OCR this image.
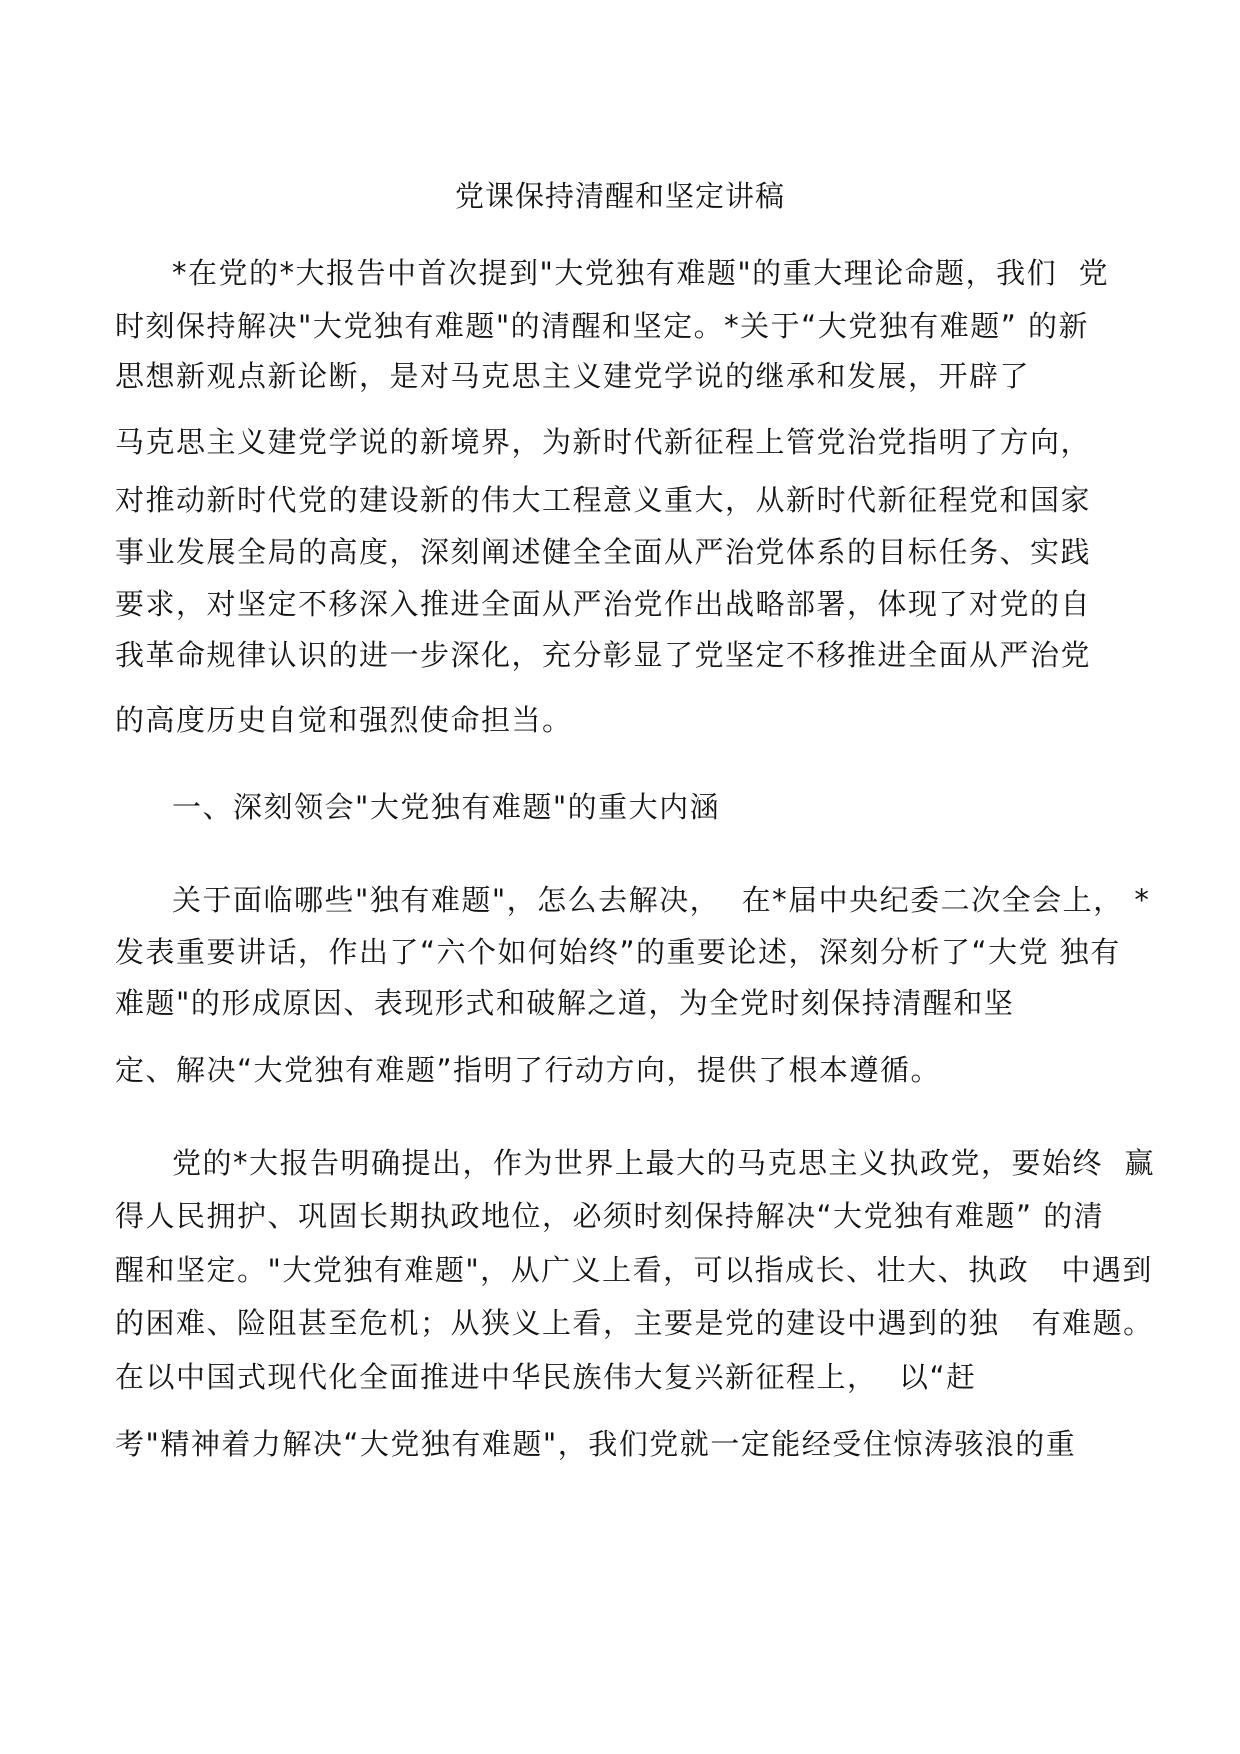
党课保持清醒和坚定讲稿
*在党的*大报告中首次提到"大党独有难题"的重大理论命题，我们  党
时刻保持解决"大党独有难题"的清醒和坚定。*关于“大党独有难题” 的新
思想新观点新论断，是对马克思主义建党学说的继承和发展，开辟了
马克思主义建党学说的新境界，为新时代新征程上管党治党指明了方向，
对推动新时代党的建设新的伟大工程意义重大，从新时代新征程党和国家
事业发展全局的高度，深刻阐述健全全面从严治党体系的目标任务、实践
要求，对坚定不移深入推进全面从严治党作出战略部署，体现了对党的自
我革命规律认识的进一步深化，充分彰显了党坚定不移推进全面从严治党
的高度历史自觉和强烈使命担当。
一、深刻领会"大党独有难题"的重大内涵
关于面临哪些"独有难题"，怎么去解决，  在*届中央纪委二次全会上， *
发表重要讲话，作出了“六个如何始终”的重要论述，深刻分析了“大党 独有
难题"的形成原因、表现形式和破解之道，为全党时刻保持清醒和坚
定、解决“大党独有难题”指明了行动方向，提供了根本遵循。
党的*大报告明确提出，作为世界上最大的马克思主义执政党，要始终  赢
得人民拥护、巩固长期执政地位，必须时刻保持解决“大党独有难题” 的清
醒和坚定。"大党独有难题"，从广义上看，可以指成长、壮大、执政   中遇到
的困难、险阻甚至危机；从狭义上看，主要是党的建设中遇到的独   有难题。
在以中国式现代化全面推进中华民族伟大复兴新征程上，  以“赶
考"精神着力解决“大党独有难题"，我们党就一定能经受住惊涛骇浪的重
